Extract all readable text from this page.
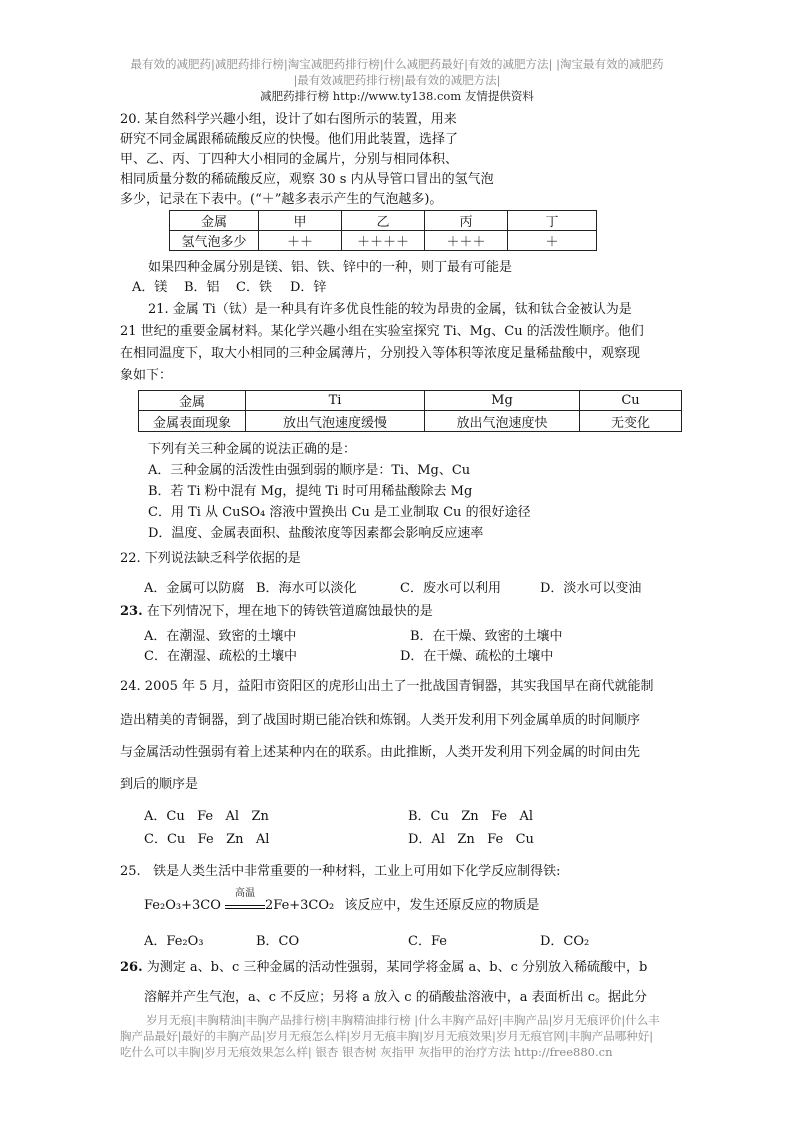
最有效的减肥药|减肥药排行榜|淘宝减肥药排行榜|什么减肥药最好|有效的减肥方法| |淘宝最有效的减肥药
|最有效减肥药排行榜|最有效的减肥方法|
减肥药排行榜 http://www.ty138.com 友情提供资料
20. 某自然科学兴趣小组，设计了如右图所示的装置，用来
研究不同金属跟稀硫酸反应的快慢。他们用此装置，选择了
甲、乙、丙、丁四种大小相同的金属片，分别与相同体积、
相同质量分数的稀硫酸反应，观察 30 s 内从导管口冒出的氢气泡
多少，记录在下表中。(“＋”越多表示产生的气泡越多)。
金属	甲	乙	丙	丁
氢气泡多少	＋＋	＋＋＋＋	＋＋＋	＋
如果四种金属分别是镁、铝、铁、锌中的一种，则丁最有可能是
A．镁 B．铝 C．铁 D．锌
21. 金属 Ti（钛）是一种具有许多优良性能的较为昂贵的金属，钛和钛合金被认为是
21 世纪的重要金属材料。某化学兴趣小组在实验室探究 Ti、Mg、Cu 的活泼性顺序。他们
在相同温度下，取大小相同的三种金属薄片，分别投入等体积等浓度足量稀盐酸中，观察现
象如下：
金属	Ti	Mg	Cu
金属表面现象	放出气泡速度缓慢	放出气泡速度快	无变化
下列有关三种金属的说法正确的是：
A．三种金属的活泼性由强到弱的顺序是：Ti、Mg、Cu
B．若 Ti 粉中混有 Mg，提纯 Ti 时可用稀盐酸除去 Mg
C．用 Ti 从 CuSO₄ 溶液中置换出 Cu 是工业制取 Cu 的很好途径
D．温度、金属表面积、盐酸浓度等因素都会影响反应速率
22. 下列说法缺乏科学依据的是
A．金属可以防腐 B．海水可以淡化	C．废水可以利用	D．淡水可以变油
23. 在下列情况下，埋在地下的铸铁管道腐蚀最快的是
A．在潮湿、致密的土壤中	B．在干燥、致密的土壤中
C．在潮湿、疏松的土壤中	D．在干燥、疏松的土壤中
24. 2005 年 5 月，益阳市资阳区的虎形山出土了一批战国青铜器，其实我国早在商代就能制
造出精美的青铜器，到了战国时期已能冶铁和炼钢。人类开发利用下列金属单质的时间顺序
与金属活动性强弱有着上述某种内在的联系。由此推断，人类开发利用下列金属的时间由先
到后的顺序是
A．Cu   Fe   Al   Zn	B．Cu   Zn   Fe   Al
C．Cu   Fe   Zn   Al	D．Al   Zn   Fe   Cu
25.   铁是人类生活中非常重要的一种材料，工业上可用如下化学反应制得铁:
Fe₂O₃+3CO
高温
2Fe+3CO₂ 该反应中，发生还原反应的物质是
A．Fe₂O₃	B．CO	C．Fe	D．CO₂
26. 为测定 a、b、c 三种金属的活动性强弱，某同学将金属 a、b、c 分别放入稀硫酸中，b
溶解并产生气泡，a、c 不反应；另将 a 放入 c 的硝酸盐溶液中，a 表面析出 c。据此分
岁月无痕|丰胸精油|丰胸产品排行榜|丰胸精油排行榜 |什么丰胸产品好|丰胸产品|岁月无痕评价|什么丰
胸产品最好|最好的丰胸产品|岁月无痕怎么样|岁月无痕丰胸|岁月无痕效果|岁月无痕官网|丰胸产品哪种好|
吃什么可以丰胸|岁月无痕效果怎么样| 银杏 银杏树 灰指甲 灰指甲的治疗方法 http://free880.cn
